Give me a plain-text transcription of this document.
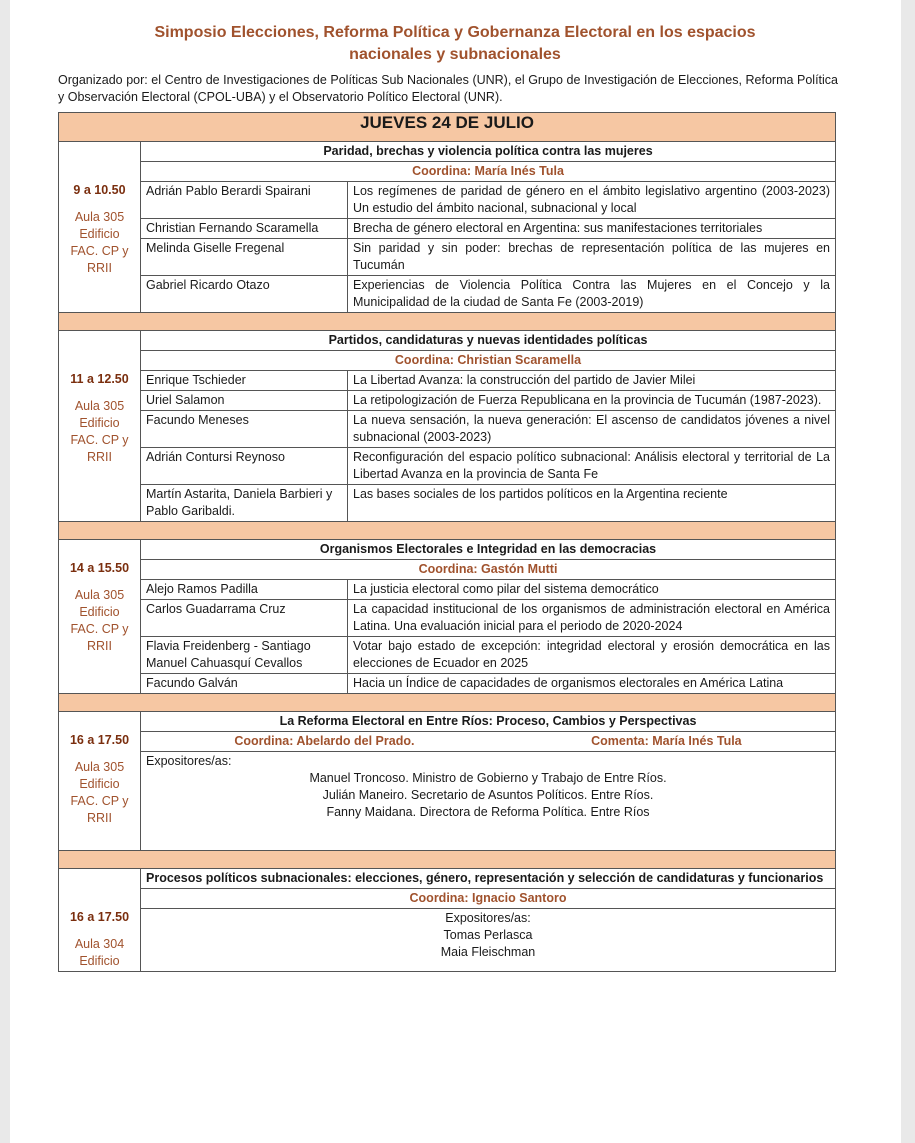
Simposio Elecciones, Reforma Política y Gobernanza Electoral en los espacios
nacionales y subnacionales
Organizado por: el Centro de Investigaciones de Políticas Sub Nacionales (UNR), el Grupo de Investigación de Elecciones, Reforma Política y Observación Electoral (CPOL-UBA) y el Observatorio Político Electoral (UNR).
JUEVES 24 DE JULIO		
9 a 10.50
Aula 305
Edificio
FAC. CP y
RRII	Paridad, brechas y violencia política contra las mujeres	
	Coordina: María Inés Tula	
	Adrián Pablo Berardi Spairani	Los regímenes de paridad de género en el ámbito legislativo argentino (2003-2023) Un estudio del ámbito nacional, subnacional y local
	Christian Fernando Scaramella	Brecha de género electoral en Argentina: sus manifestaciones territoriales
	Melinda Giselle Fregenal	Sin paridad y sin poder: brechas de representación política de las mujeres en Tucumán
	Gabriel Ricardo Otazo	Experiencias de Violencia Política Contra las Mujeres en el Concejo y la Municipalidad de la ciudad de Santa Fe (2003-2019)

11 a 12.50
Aula 305
Edificio
FAC. CP y
RRII	Partidos, candidaturas y nuevas identidades políticas	
	Coordina: Christian Scaramella	
	Enrique Tschieder	La Libertad Avanza: la construcción del partido de Javier Milei
	Uriel Salamon	La retipologización de Fuerza Republicana en la provincia de Tucumán (1987-2023).
	Facundo Meneses	La nueva sensación, la nueva generación: El ascenso de candidatos jóvenes a nivel subnacional (2003-2023)
	Adrián Contursi Reynoso	Reconfiguración del espacio político subnacional: Análisis electoral y territorial de La Libertad Avanza en la provincia de Santa Fe
	Martín Astarita, Daniela Barbieri y Pablo Garibaldi.	Las bases sociales de los partidos políticos en la Argentina reciente

14 a 15.50
Aula 305
Edificio
FAC. CP y
RRII	Organismos Electorales e Integridad en las democracias	
	Coordina: Gastón Mutti	
	Alejo Ramos Padilla	La justicia electoral como pilar del sistema democrático
	Carlos Guadarrama Cruz	La capacidad institucional de los organismos de administración electoral en América Latina. Una evaluación inicial para el periodo de 2020-2024
	Flavia Freidenberg - Santiago Manuel Cahuasquí Cevallos	Votar bajo estado de excepción: integridad electoral y erosión democrática en las elecciones de Ecuador en 2025
	Facundo Galván	Hacia un Índice de capacidades de organismos electorales en América Latina

16 a 17.50
Aula 305
Edificio
FAC. CP y
RRII	La Reforma Electoral en Entre Ríos: Proceso, Cambios y Perspectivas	

	Coordina: Abelardo del Prado. Comenta: María Inés Tula	

	Expositores/as:
Manuel Troncoso. Ministro de Gobierno y Trabajo de Entre Ríos.
Julián Maneiro. Secretario de Asuntos Políticos. Entre Ríos.
Fanny Maidana. Directora de Reforma Política. Entre Ríos	

16 a 17.50
Aula 304
Edificio	Procesos políticos subnacionales: elecciones, género, representación y selección de candidaturas y funcionarios	
	Coordina: Ignacio Santoro	

	Expositores/as:
Tomas Perlasca
Maia Fleischman	
